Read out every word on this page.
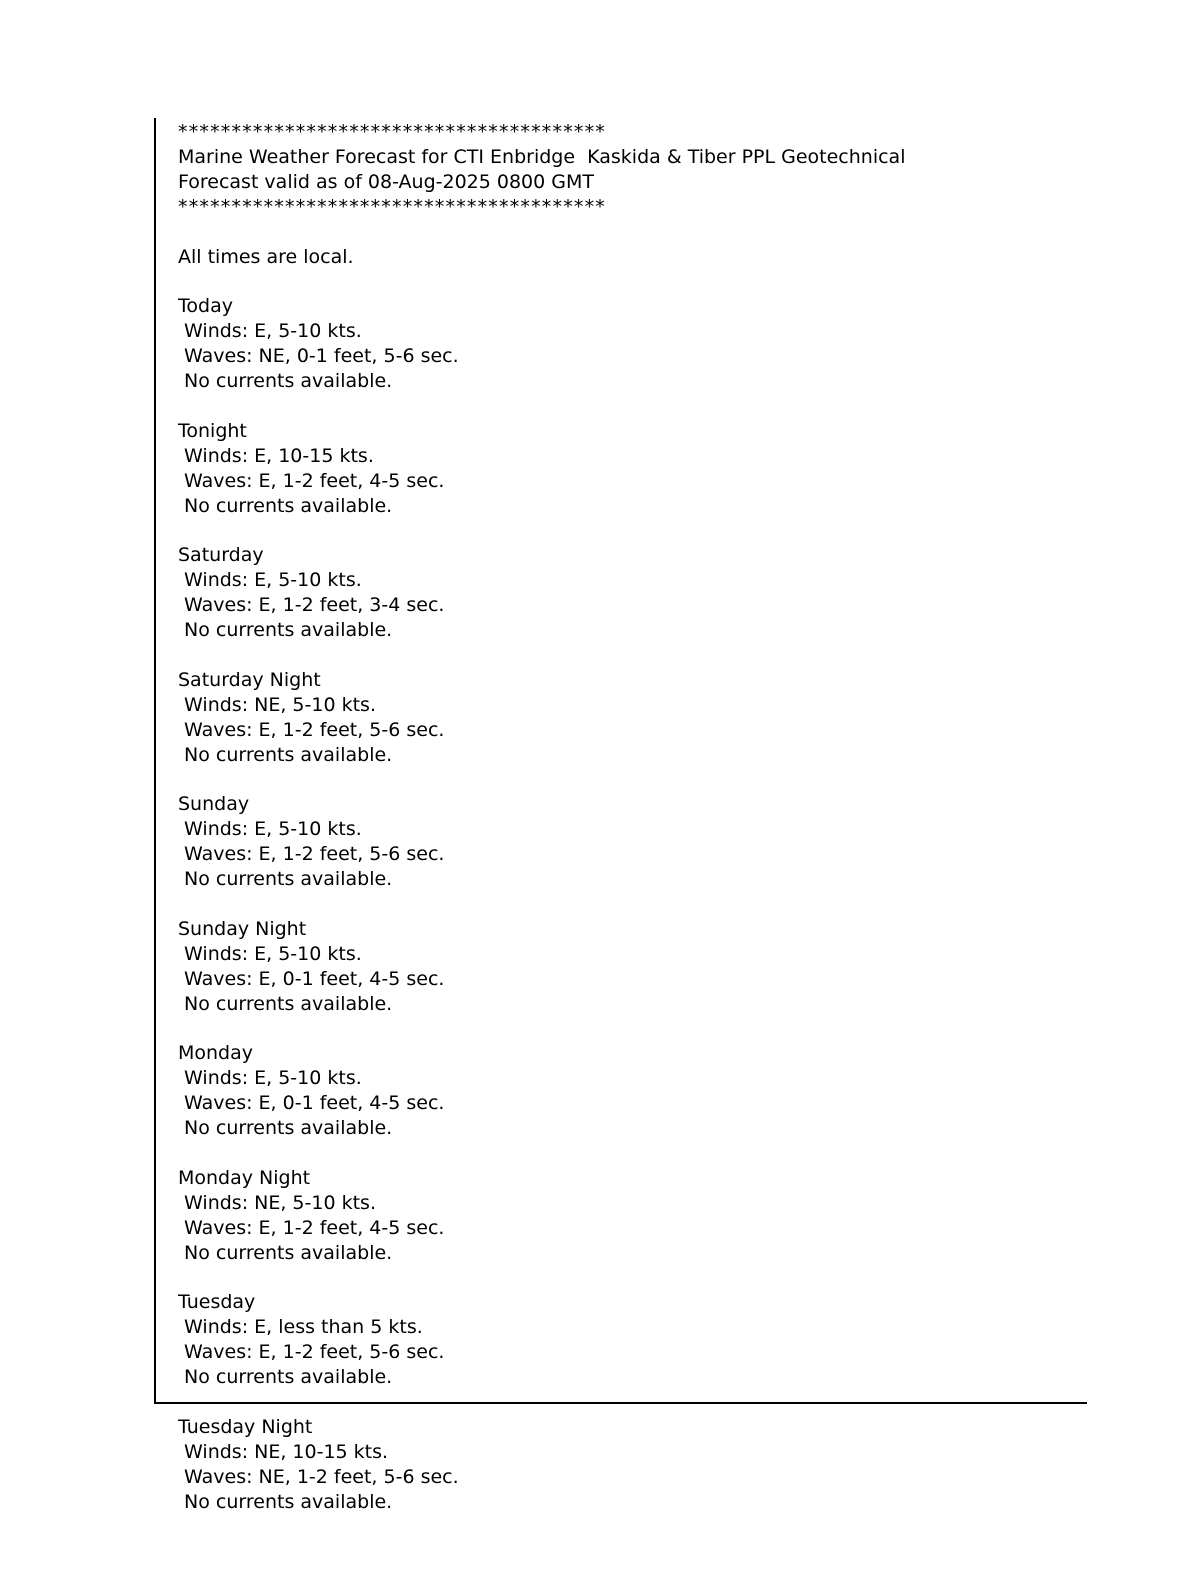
****************************************
Marine Weather Forecast for CTI Enbridge  Kaskida & Tiber PPL Geotechnical
Forecast valid as of 08-Aug-2025 0800 GMT
****************************************
All times are local.
Today
Winds: E, 5-10 kts.
Waves: NE, 0-1 feet, 5-6 sec.
No currents available.
Tonight
Winds: E, 10-15 kts.
Waves: E, 1-2 feet, 4-5 sec.
No currents available.
Saturday
Winds: E, 5-10 kts.
Waves: E, 1-2 feet, 3-4 sec.
No currents available.
Saturday Night
Winds: NE, 5-10 kts.
Waves: E, 1-2 feet, 5-6 sec.
No currents available.
Sunday
Winds: E, 5-10 kts.
Waves: E, 1-2 feet, 5-6 sec.
No currents available.
Sunday Night
Winds: E, 5-10 kts.
Waves: E, 0-1 feet, 4-5 sec.
No currents available.
Monday
Winds: E, 5-10 kts.
Waves: E, 0-1 feet, 4-5 sec.
No currents available.
Monday Night
Winds: NE, 5-10 kts.
Waves: E, 1-2 feet, 4-5 sec.
No currents available.
Tuesday
Winds: E, less than 5 kts.
Waves: E, 1-2 feet, 5-6 sec.
No currents available.
Tuesday Night
Winds: NE, 10-15 kts.
Waves: NE, 1-2 feet, 5-6 sec.
No currents available.
